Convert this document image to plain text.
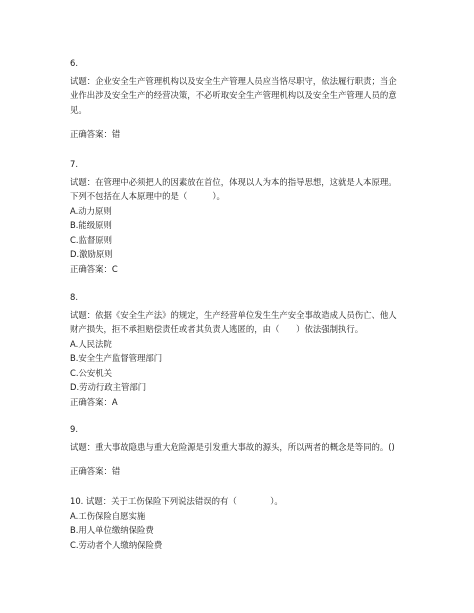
6.
试题：企业安全生产管理机构以及安全生产管理人员应当恪尽职守，依法履行职责；当企
业作出涉及安全生产的经营决策，不必听取安全生产管理机构以及安全生产管理人员的意
见。
正确答案：错
7.
试题：在管理中必须把人的因素放在首位，体现以人为本的指导思想，这就是人本原理。
下列不包括在人本原理中的是（　　　）。
A.动力原则
B.能级原则
C.监督原则
D.激励原则
正确答案：C
8.
试题：依据《安全生产法》的规定，生产经营单位发生生产安全事故造成人员伤亡、他人
财产损失，拒不承担赔偿责任或者其负责人逃匿的，由（　　）依法强制执行。
A.人民法院
B.安全生产监督管理部门
C.公安机关
D.劳动行政主管部门
正确答案：A
9.
试题：重大事故隐患与重大危险源是引发重大事故的源头，所以两者的概念是等同的。()
正确答案：错
10. 试题：关于工伤保险下列说法错误的有（　　　　）。
A.工伤保险自愿实施
B.用人单位缴纳保险费
C.劳动者个人缴纳保险费
